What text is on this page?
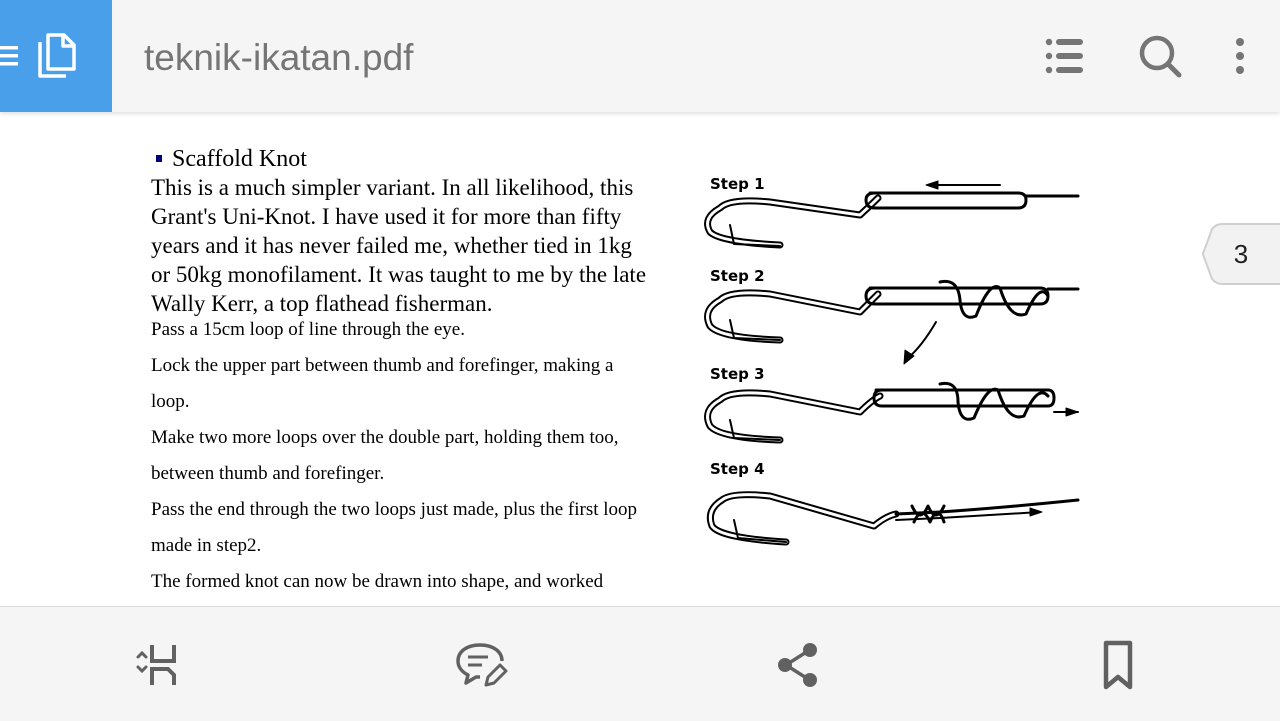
teknik-ikatan.pdf
Scaffold Knot
This is a much simpler variant. In all likelihood, this
Grant's Uni-Knot. I have used it for more than fifty
years and it has never failed me, whether tied in 1kg
or 50kg monofilament. It was taught to me by the late
Wally Kerr, a top flathead fisherman.
Pass a 15cm loop of line through the eye.
Lock the upper part between thumb and forefinger, making a
loop.
Make two more loops over the double part, holding them too,
between thumb and forefinger.
Pass the end through the two loops just made, plus the first loop
made in step2.
The formed knot can now be drawn into shape, and worked
Step 1
Step 2
Step 3
Step 4
3
